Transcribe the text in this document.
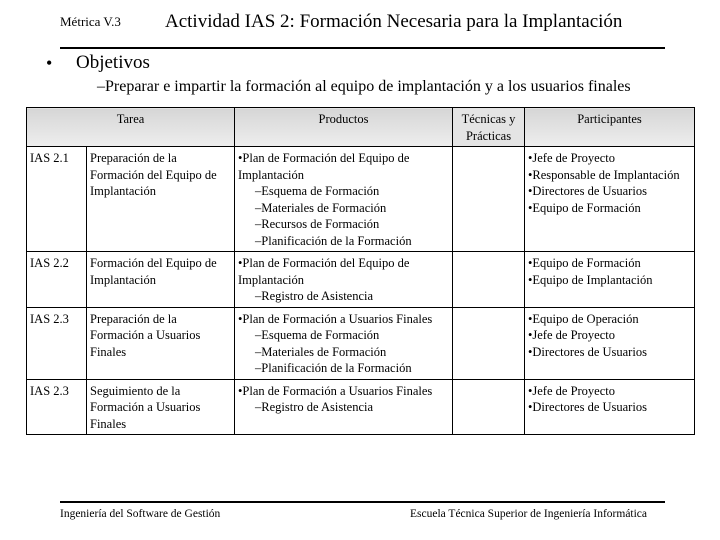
Métrica V.3 Actividad IAS 2: Formación Necesaria para la Implantación
• Objetivos
–Preparar e impartir la formación al equipo de implantación y a los usuarios finales
Tarea		Productos	Técnicas y Prácticas	Participantes
IAS 2.1	Preparación de la Formación del Equipo de Implantación	•Plan de Formación del Equipo de Implantación
–Esquema de Formación
–Materiales de Formación
–Recursos de Formación
–Planificación de la Formación		•Jefe de Proyecto
•Responsable de Implantación
•Directores de Usuarios
•Equipo de Formación

IAS 2.2	Formación del Equipo de Implantación	•Plan de Formación del Equipo de Implantación
–Registro de Asistencia		•Equipo de Formación
•Equipo de Implantación

IAS 2.3	Preparación de la Formación a Usuarios Finales	•Plan de Formación a Usuarios Finales
–Esquema de Formación
–Materiales de Formación
–Planificación de la Formación		•Equipo de Operación
•Jefe de Proyecto
•Directores de Usuarios

IAS 2.3	Seguimiento de la Formación a Usuarios Finales	•Plan de Formación a Usuarios Finales
–Registro de Asistencia		•Jefe de Proyecto
•Directores de Usuarios
Ingeniería del Software de Gestión	Escuela Técnica Superior de Ingeniería Informática
